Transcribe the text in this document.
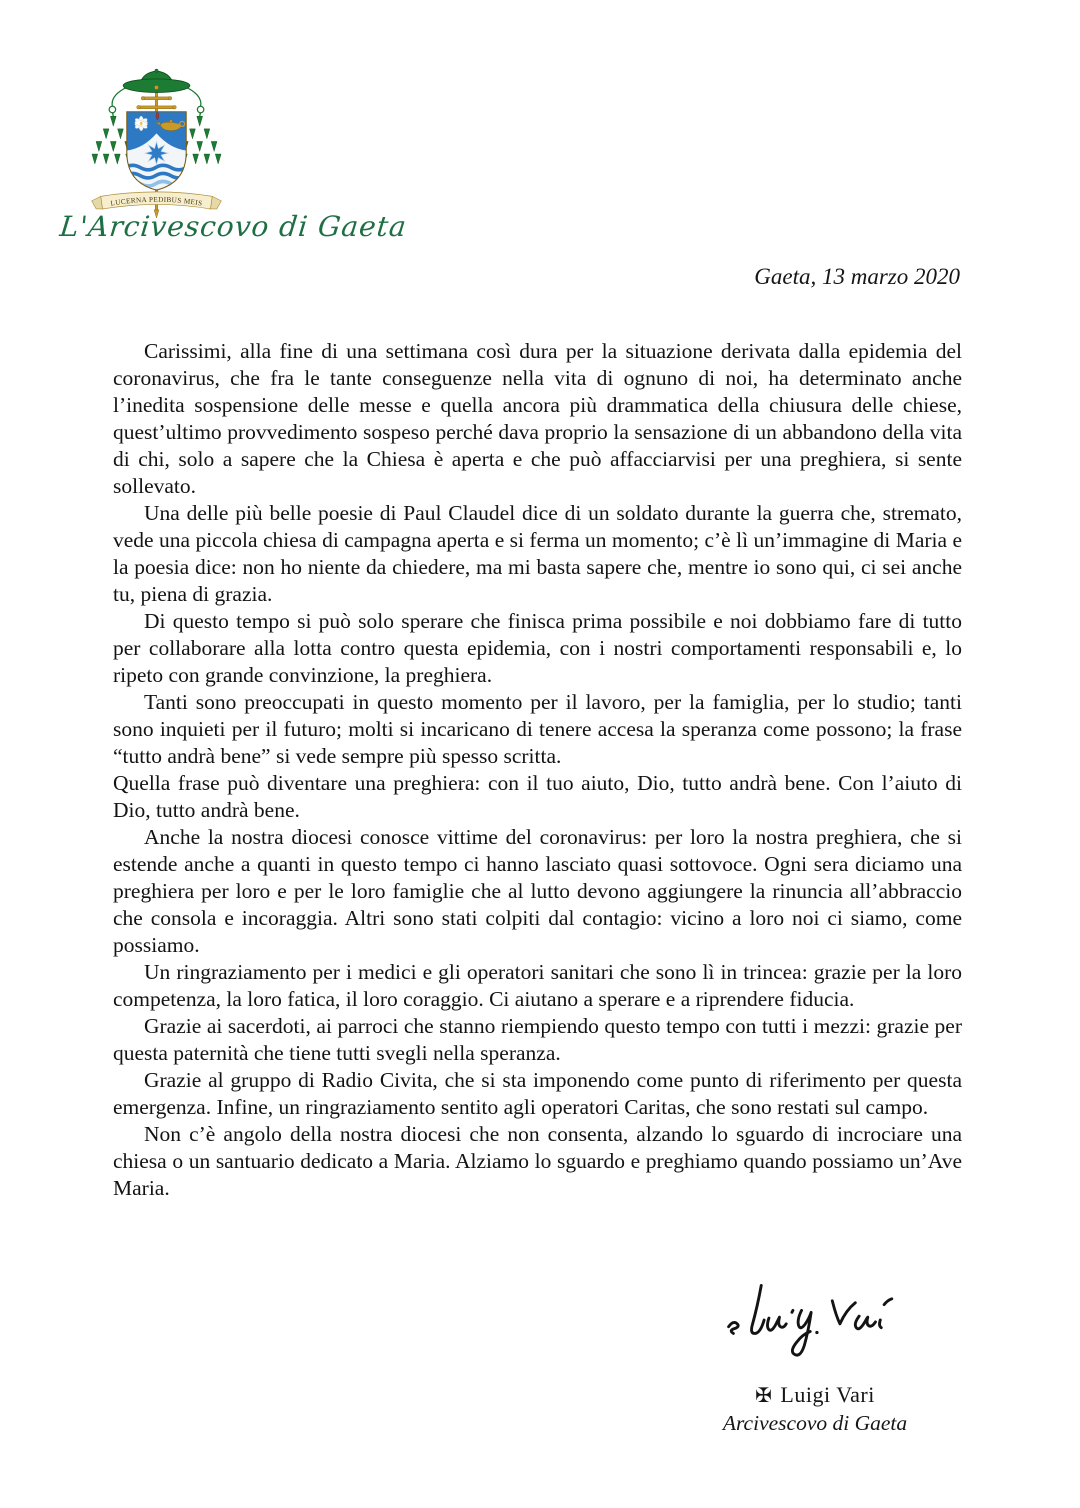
LUCERNA PEDIBUS MEIS
L'Arcivescovo di Gaeta
Gaeta, 13 marzo 2020

Carissimi, alla fine di una settimana così dura per la situazione derivata dalla epidemia del coronavirus, che fra le tante conseguenze nella vita di ognuno di noi, ha determinato anche l’inedita sospensione delle messe e quella ancora più drammatica della chiusura delle chiese, quest’ultimo provvedimento sospeso perché dava proprio la sensazione di un abbandono della vita di chi, solo a sapere che la Chiesa è aperta e che può affacciarvisi per una preghiera, si sente sollevato.

Una delle più belle poesie di Paul Claudel dice di un soldato durante la guerra che, stremato, vede una piccola chiesa di campagna aperta e si ferma un momento; c’è lì un’immagine di Maria e la poesia dice: non ho niente da chiedere, ma mi basta sapere che, mentre io sono qui, ci sei anche tu, piena di grazia.

Di questo tempo si può solo sperare che finisca prima possibile e noi dobbiamo fare di tutto per collaborare alla lotta contro questa epidemia, con i nostri comportamenti responsabili e, lo ripeto con grande convinzione, la preghiera.

Tanti sono preoccupati in questo momento per il lavoro, per la famiglia, per lo studio; tanti sono inquieti per il futuro; molti si incaricano di tenere accesa la speranza come possono; la frase “tutto andrà bene” si vede sempre più spesso scritta.

Quella frase può diventare una preghiera: con il tuo aiuto, Dio, tutto andrà bene. Con l’aiuto di Dio, tutto andrà bene.

Anche la nostra diocesi conosce vittime del coronavirus: per loro la nostra preghiera, che si estende anche a quanti in questo tempo ci hanno lasciato quasi sottovoce. Ogni sera diciamo una preghiera per loro e per le loro famiglie che al lutto devono aggiungere la rinuncia all’abbraccio che consola e incoraggia. Altri sono stati colpiti dal contagio: vicino a loro noi ci siamo, come possiamo.

Un ringraziamento per i medici e gli operatori sanitari che sono lì in trincea: grazie per la loro competenza, la loro fatica, il loro coraggio. Ci aiutano a sperare e a riprendere fiducia.

Grazie ai sacerdoti, ai parroci che stanno riempiendo questo tempo con tutti i mezzi: grazie per questa paternità che tiene tutti svegli nella speranza.

Grazie al gruppo di Radio Civita, che si sta imponendo come punto di riferimento per questa emergenza. Infine, un ringraziamento sentito agli operatori Caritas, che sono restati sul campo.

Non c’è angolo della nostra diocesi che non consenta, alzando lo sguardo di incrociare una chiesa o un santuario dedicato a Maria. Alziamo lo sguardo e preghiamo quando possiamo un’Ave Maria.

✠ Luigi Vari
Arcivescovo di Gaeta
